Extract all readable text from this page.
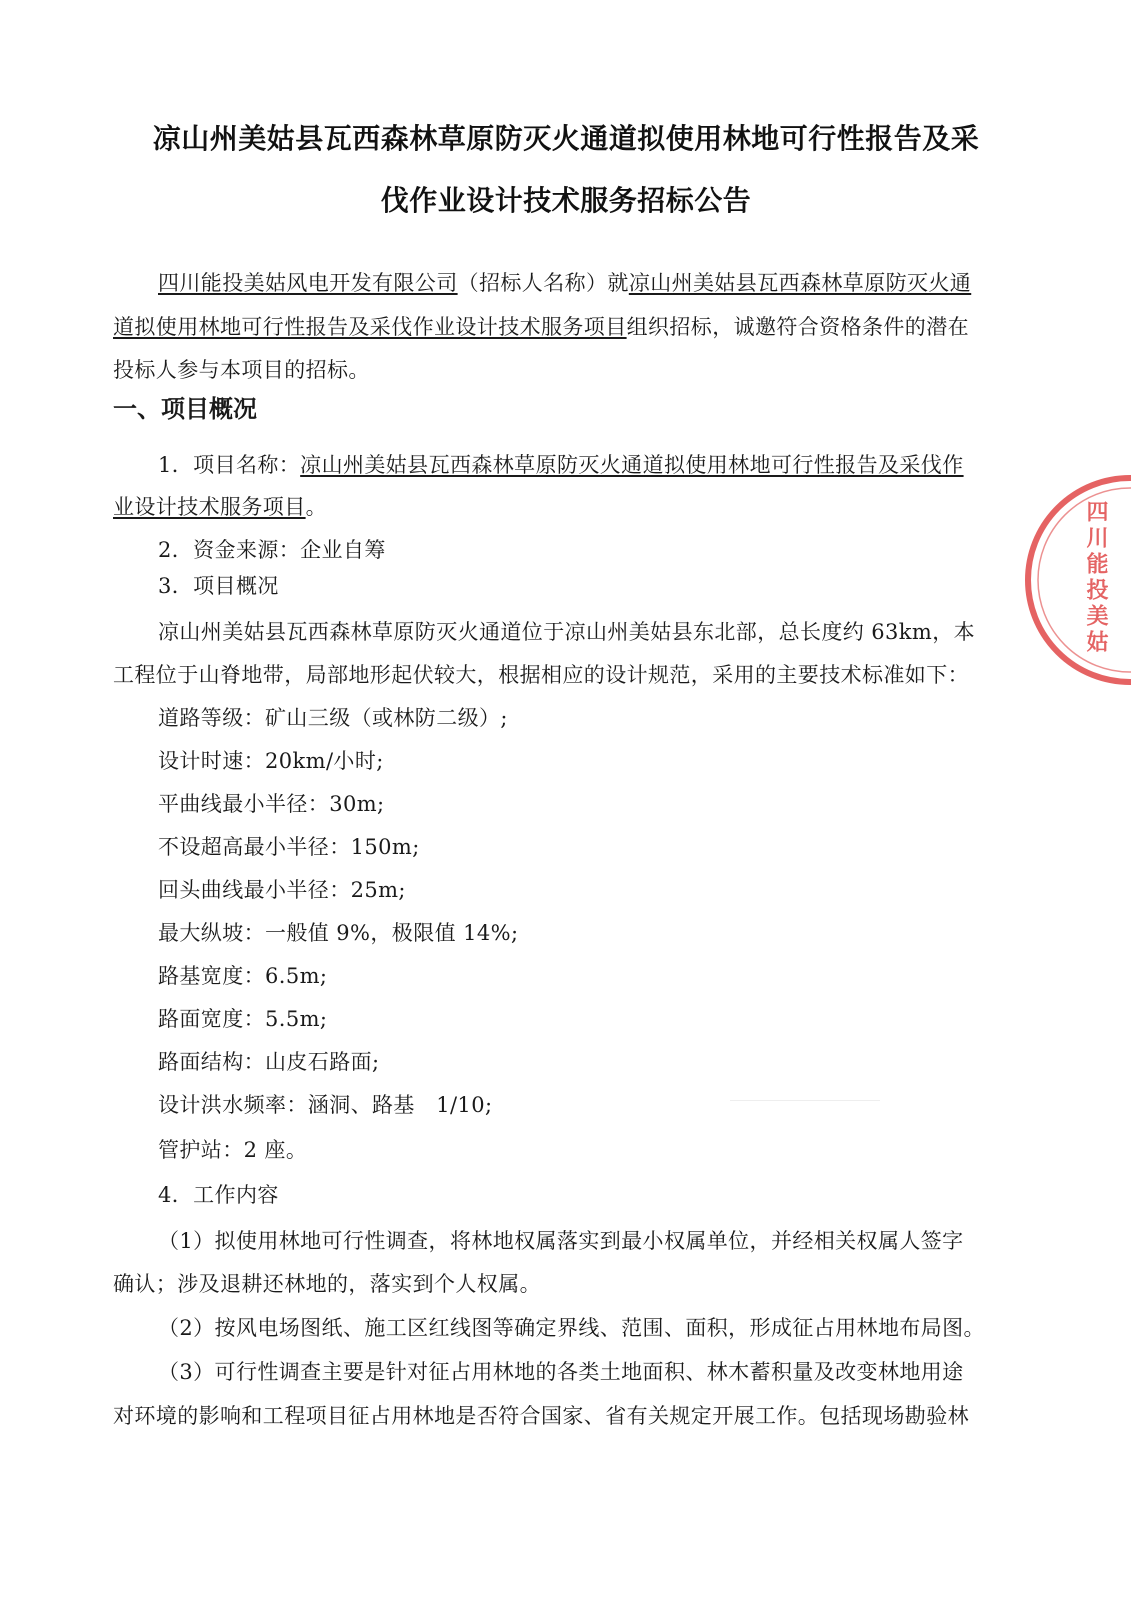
凉山州美姑县瓦西森林草原防灭火通道拟使用林地可行性报告及采
伐作业设计技术服务招标公告
四川能投美姑风电开发有限公司（招标人名称）就凉山州美姑县瓦西森林草原防灭火通
道拟使用林地可行性报告及采伐作业设计技术服务项目组织招标，诚邀符合资格条件的潜在
投标人参与本项目的招标。
一、项目概况
1．项目名称：凉山州美姑县瓦西森林草原防灭火通道拟使用林地可行性报告及采伐作
业设计技术服务项目。
2．资金来源：企业自筹
3．项目概况
凉山州美姑县瓦西森林草原防灭火通道位于凉山州美姑县东北部，总长度约 63km，本
工程位于山脊地带，局部地形起伏较大，根据相应的设计规范，采用的主要技术标准如下：
道路等级：矿山三级（或林防二级）;
设计时速：20km/小时;
平曲线最小半径：30m;
不设超高最小半径：150m;
回头曲线最小半径：25m;
最大纵坡：一般值 9%，极限值 14%;
路基宽度：6.5m;
路面宽度：5.5m;
路面结构：山皮石路面;
设计洪水频率：涵洞、路基　1/10;
管护站：2 座。
4．工作内容
（1）拟使用林地可行性调查，将林地权属落实到最小权属单位，并经相关权属人签字
确认；涉及退耕还林地的，落实到个人权属。
（2）按风电场图纸、施工区红线图等确定界线、范围、面积，形成征占用林地布局图。
（3）可行性调查主要是针对征占用林地的各类土地面积、林木蓄积量及改变林地用途
对环境的影响和工程项目征占用林地是否符合国家、省有关规定开展工作。包括现场勘验林
四川能投美姑
